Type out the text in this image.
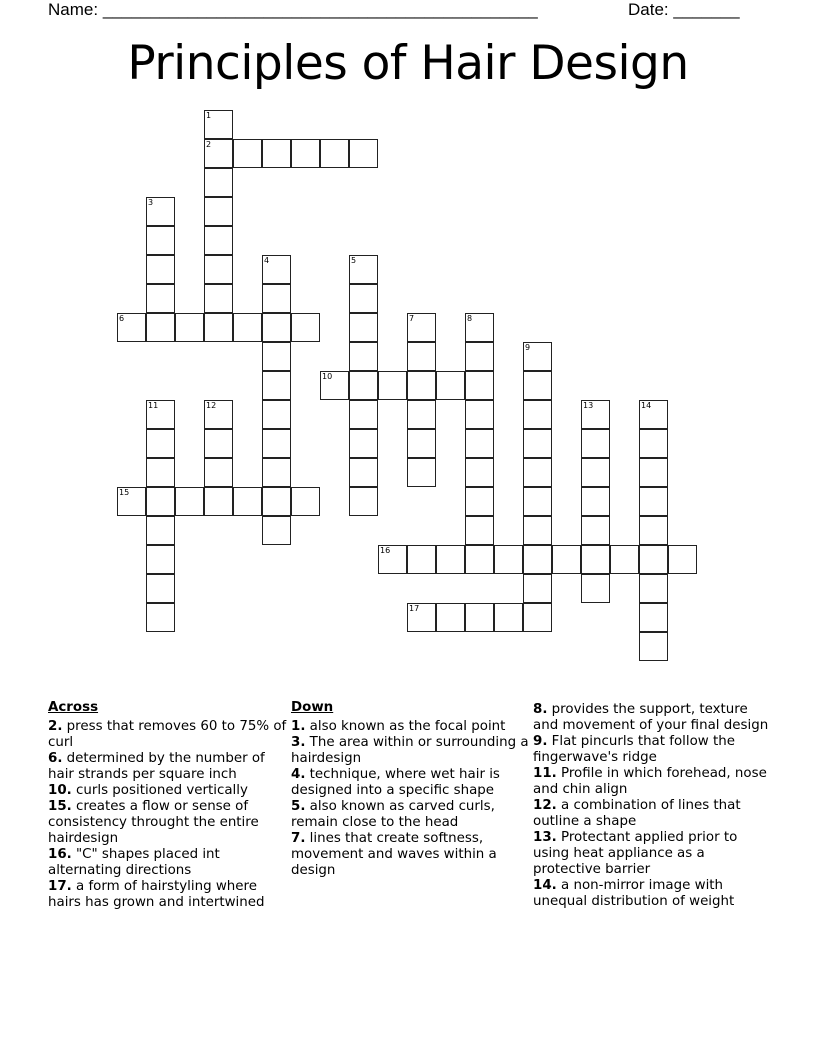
Name: ______________________________________________	Date: _______
Principles of Hair Design
1
2
3
4	5
6	7	8
9
10
11	12	13	14
15
16
17
Across
2. press that removes 60 to 75% of curl
6. determined by the number of hair strands per square inch
10. curls positioned vertically
15. creates a flow or sense of consistency throught the entire hairdesign
16. "C" shapes placed int alternating directions
17. a form of hairstyling where hairs has grown and intertwined
Down
1. also known as the focal point
3. The area within or surrounding a hairdesign
4. technique, where wet hair is designed into a specific shape
5. also known as carved curls, remain close to the head
7. lines that create softness, movement and waves within a design
8. provides the support, texture and movement of your final design
9. Flat pincurls that follow the fingerwave's ridge
11. Profile in which forehead, nose and chin align
12. a combination of lines that outline a shape
13. Protectant applied prior to using heat appliance as a protective barrier
14. a non-mirror image with unequal distribution of weight
